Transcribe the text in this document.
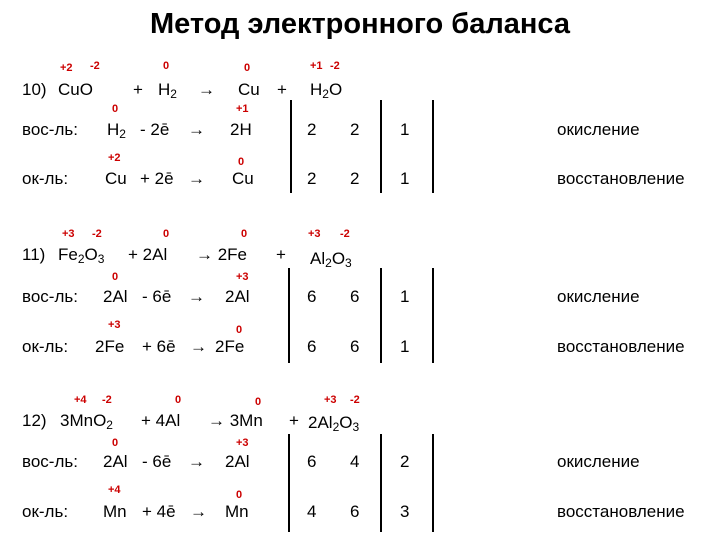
Метод электронного баланса
+2 -2	0	0	+1 -2
10) CuO + $H_2 \to Cu + H_2O$
0	+1
вос-ль: $H_2$ - 2ē → 2H	2 2 1	окисление
+2	0
ок-ль: Cu + 2ē → Cu	2 2 1	восстановление
+3 -2	0	0	+3 -2
11) $Fe_2O_3 + 2Al \to 2Fe + Al_2O_3$
0	+3
вос-ль: 2Al - 6ē → 2Al	6 6 1	окисление
+3	0
ок-ль: 2Fe + 6ē → 2Fe	6 6 1	восстановление
+4 -2	0	0	+3 -2
12) $3MnO_2 + 4Al \to 3Mn + 2Al_2O_3$
0	+3
вос-ль: 2Al - 6ē → 2Al	6 4 2	окисление
+4	0
ок-ль: Mn + 4ē → Mn	4 6 3	восстановление
